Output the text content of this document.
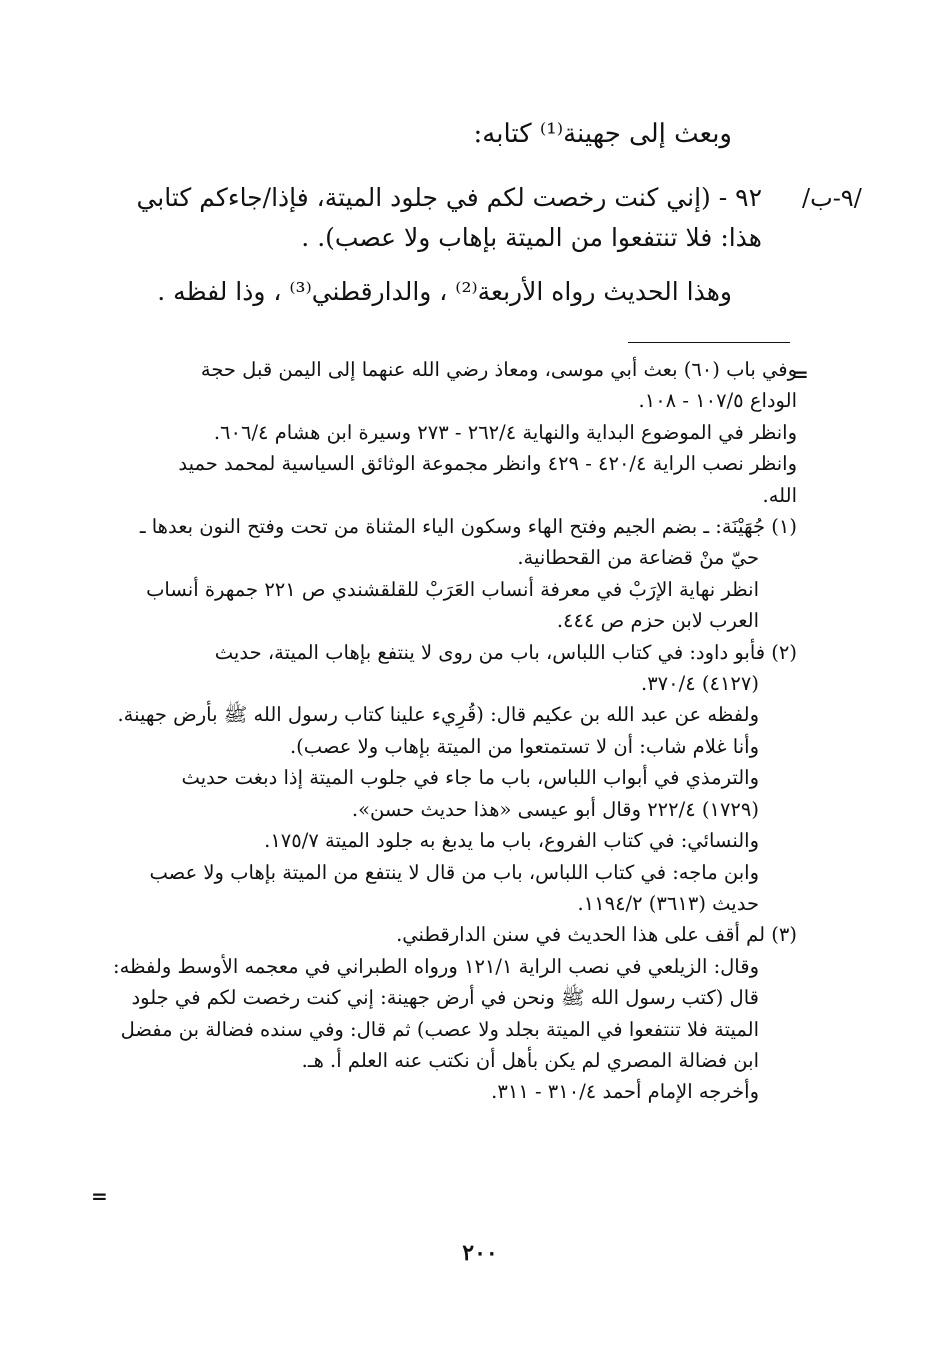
وبعث إلى جهينة⁽¹⁾ كتابه:
/٩-ب/
٩٢ - (إني كنت رخصت لكم في جلود الميتة، فإذا/جاءكم كتابي
هذا: فلا تنتفعوا من الميتة بإهاب ولا عصب). .
وهذا الحديث رواه الأربعة⁽²⁾ ، والدارقطني⁽³⁾ ، وذا لفظه .
=
وفي باب (٦٠) بعث أبي موسى، ومعاذ رضي الله عنهما إلى اليمن قبل حجة
الوداع ١٠٧/٥ - ١٠٨.
وانظر في الموضوع البداية والنهاية ٢٦٢/٤ - ٢٧٣ وسيرة ابن هشام ٦٠٦/٤.
وانظر نصب الراية ٤٢٠/٤ - ٤٢٩ وانظر مجموعة الوثائق السياسية لمحمد حميد
الله.
(١) جُهَيْنَة: ـ بضم الجيم وفتح الهاء وسكون الياء المثناة من تحت وفتح النون بعدها ـ
حيّ منْ قضاعة من القحطانية.
انظر نهاية الإرَبْ في معرفة أنساب العَرَبْ للقلقشندي ص ٢٢١ جمهرة أنساب
العرب لابن حزم ص ٤٤٤.
(٢) فأبو داود: في كتاب اللباس، باب من روى لا ينتفع بإهاب الميتة، حديث
(٤١٢٧) ٣٧٠/٤.
ولفظه عن عبد الله بن عكيم قال: (قُرِيء علينا كتاب رسول الله ﷺ بأرض جهينة.
وأنا غلام شاب: أن لا تستمتعوا من الميتة بإهاب ولا عصب).
والترمذي في أبواب اللباس، باب ما جاء في جلوب الميتة إذا دبغت حديث
(١٧٢٩) ٢٢٢/٤ وقال أبو عيسى «هذا حديث حسن».
والنسائي: في كتاب الفروع، باب ما يدبغ به جلود الميتة ١٧٥/٧.
وابن ماجه: في كتاب اللباس، باب من قال لا ينتفع من الميتة بإهاب ولا عصب
حديث (٣٦١٣) ١١٩٤/٢.
(٣) لم أقف على هذا الحديث في سنن الدارقطني.
وقال: الزيلعي في نصب الراية ١٢١/١ ورواه الطبراني في معجمه الأوسط ولفظه:
قال (كتب رسول الله ﷺ ونحن في أرض جهينة: إني كنت رخصت لكم في جلود
الميتة فلا تنتفعوا في الميتة بجلد ولا عصب) ثم قال: وفي سنده فضالة بن مفضل
ابن فضالة المصري لم يكن بأهل أن نكتب عنه العلم أ. هـ.
وأخرجه الإمام أحمد ٣١٠/٤ - ٣١١.
=
٢٠٠
